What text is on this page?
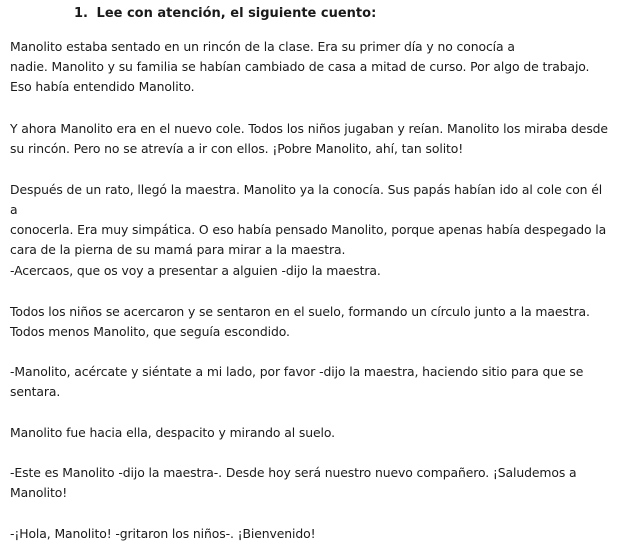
1. Lee con atención, el siguiente cuento:
Manolito estaba sentado en un rincón de la clase. Era su primer día y no conocía a
nadie. Manolito y su familia se habían cambiado de casa a mitad de curso. Por algo de trabajo.
Eso había entendido Manolito.
Y ahora Manolito era en el nuevo cole. Todos los niños jugaban y reían. Manolito los miraba desde
su rincón. Pero no se atrevía a ir con ellos. ¡Pobre Manolito, ahí, tan solito!
Después de un rato, llegó la maestra. Manolito ya la conocía. Sus papás habían ido al cole con él a
conocerla. Era muy simpática. O eso había pensado Manolito, porque apenas había despegado la
cara de la pierna de su mamá para mirar a la maestra.
-Acercaos, que os voy a presentar a alguien -dijo la maestra.
Todos los niños se acercaron y se sentaron en el suelo, formando un círculo junto a la maestra.
Todos menos Manolito, que seguía escondido.
-Manolito, acércate y siéntate a mi lado, por favor -dijo la maestra, haciendo sitio para que se
sentara.
Manolito fue hacia ella, despacito y mirando al suelo.
-Este es Manolito -dijo la maestra-. Desde hoy será nuestro nuevo compañero. ¡Saludemos a
Manolito!
-¡Hola, Manolito! -gritaron los niños-. ¡Bienvenido!
